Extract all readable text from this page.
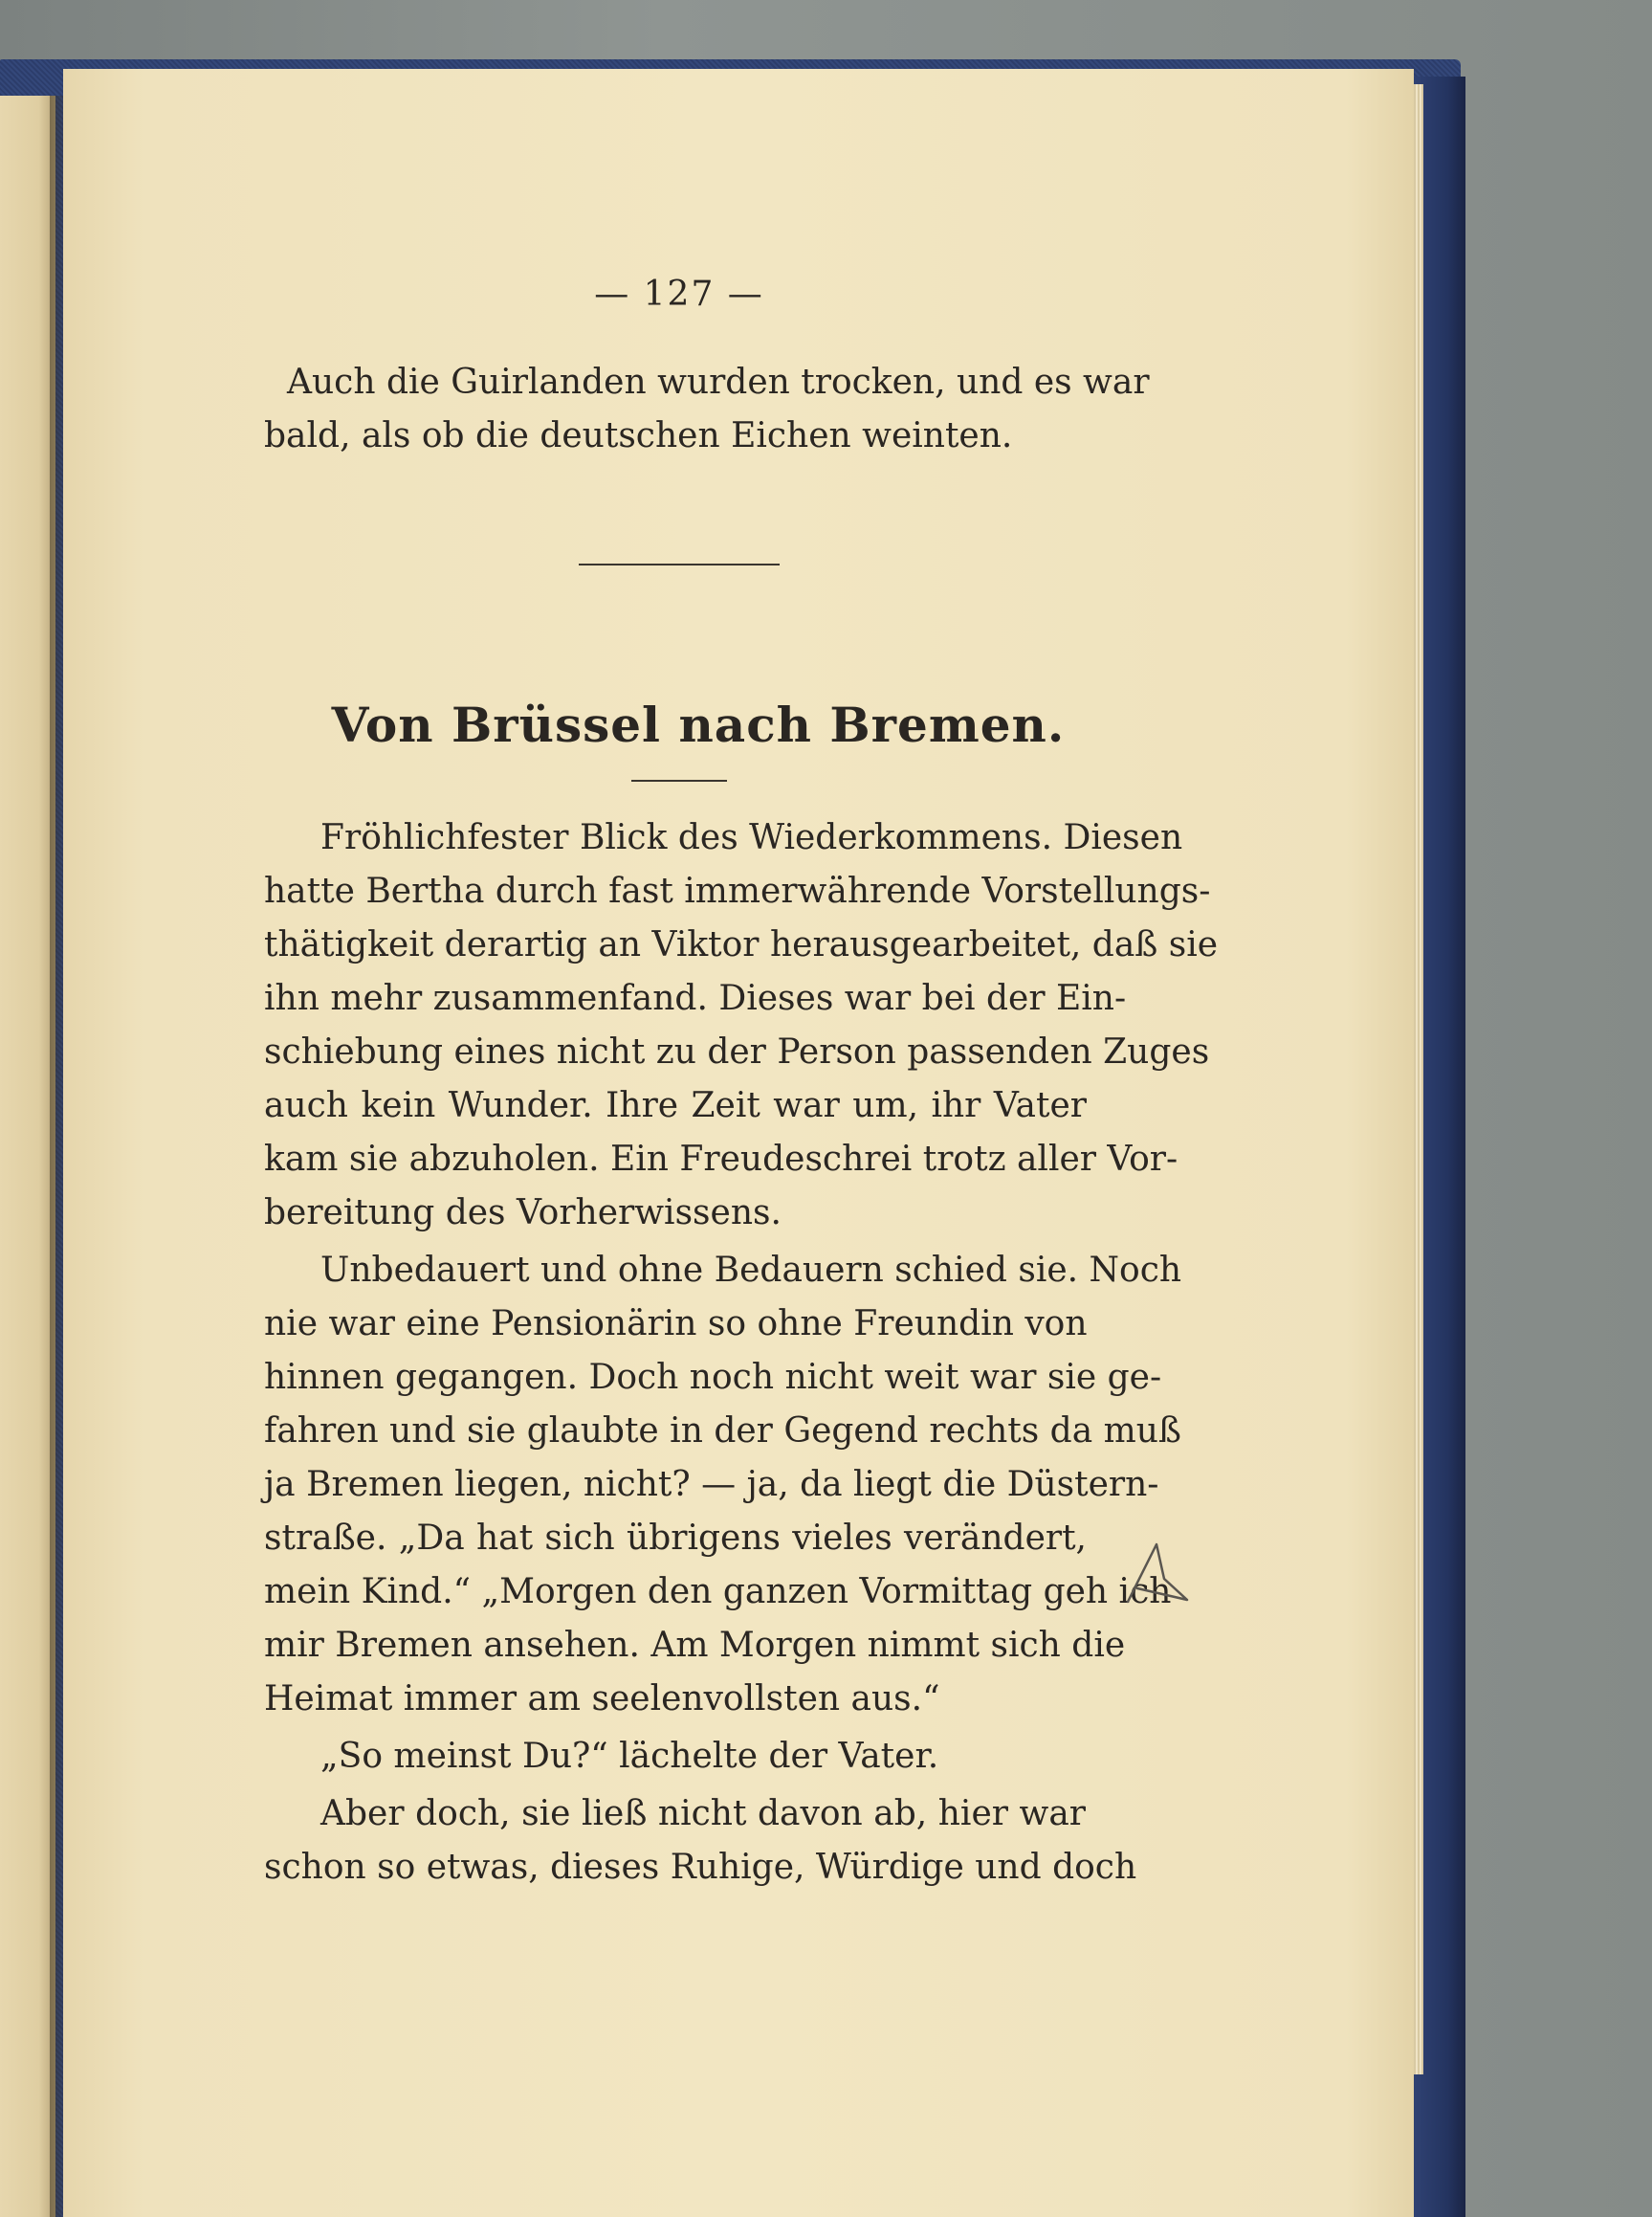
— 127 —
Auch die Guirlanden wurden trocken, und es war
bald, als ob die deutschen Eichen weinten.
Von Brüssel nach Bremen.
Fröhlichfester Blick des Wiederkommens. Diesen
hatte Bertha durch fast immerwährende Vorstellungs-
thätigkeit derartig an Viktor herausgearbeitet, daß sie
ihn mehr zusammenfand. Dieses war bei der Ein-
schiebung eines nicht zu der Person passenden Zuges
auch kein Wunder. Ihre Zeit war um, ihr Vater
kam sie abzuholen. Ein Freudeschrei trotz aller Vor-
bereitung des Vorherwissens.
Unbedauert und ohne Bedauern schied sie. Noch
nie war eine Pensionärin so ohne Freundin von
hinnen gegangen. Doch noch nicht weit war sie ge-
fahren und sie glaubte in der Gegend rechts da muß
ja Bremen liegen, nicht? — ja, da liegt die Düstern-
straße. „Da hat sich übrigens vieles verändert,
mein Kind.“ „Morgen den ganzen Vormittag geh ich
mir Bremen ansehen. Am Morgen nimmt sich die
Heimat immer am seelenvollsten aus.“
„So meinst Du?“ lächelte der Vater.
Aber doch, sie ließ nicht davon ab, hier war
schon so etwas, dieses Ruhige, Würdige und doch
